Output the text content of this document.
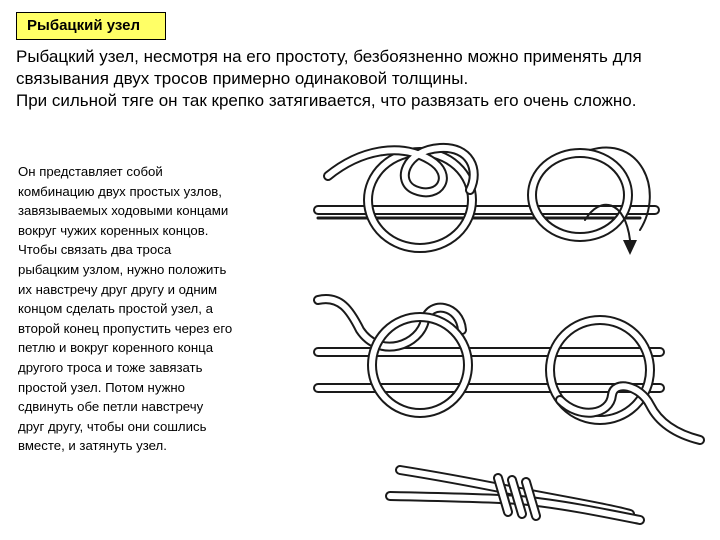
Рыбацкий узел
Рыбацкий узел, несмотря на его простоту, безбоязненно можно применять для
связывания двух тросов примерно одинаковой толщины.
При сильной тяге он так крепко затягивается, что развязать его очень сложно.
Он представляет собой
комбинацию двух простых узлов,
завязываемых ходовыми концами
вокруг чужих коренных концов.
Чтобы связать два троса
рыбацким узлом, нужно положить
их навстречу друг другу и одним
концом сделать простой узел, а
второй конец пропустить через его
петлю и вокруг коренного конца
другого троса и тоже завязать
простой узел. Потом нужно
сдвинуть обе петли навстречу
друг другу, чтобы они сошлись
вместе, и затянуть узел.
